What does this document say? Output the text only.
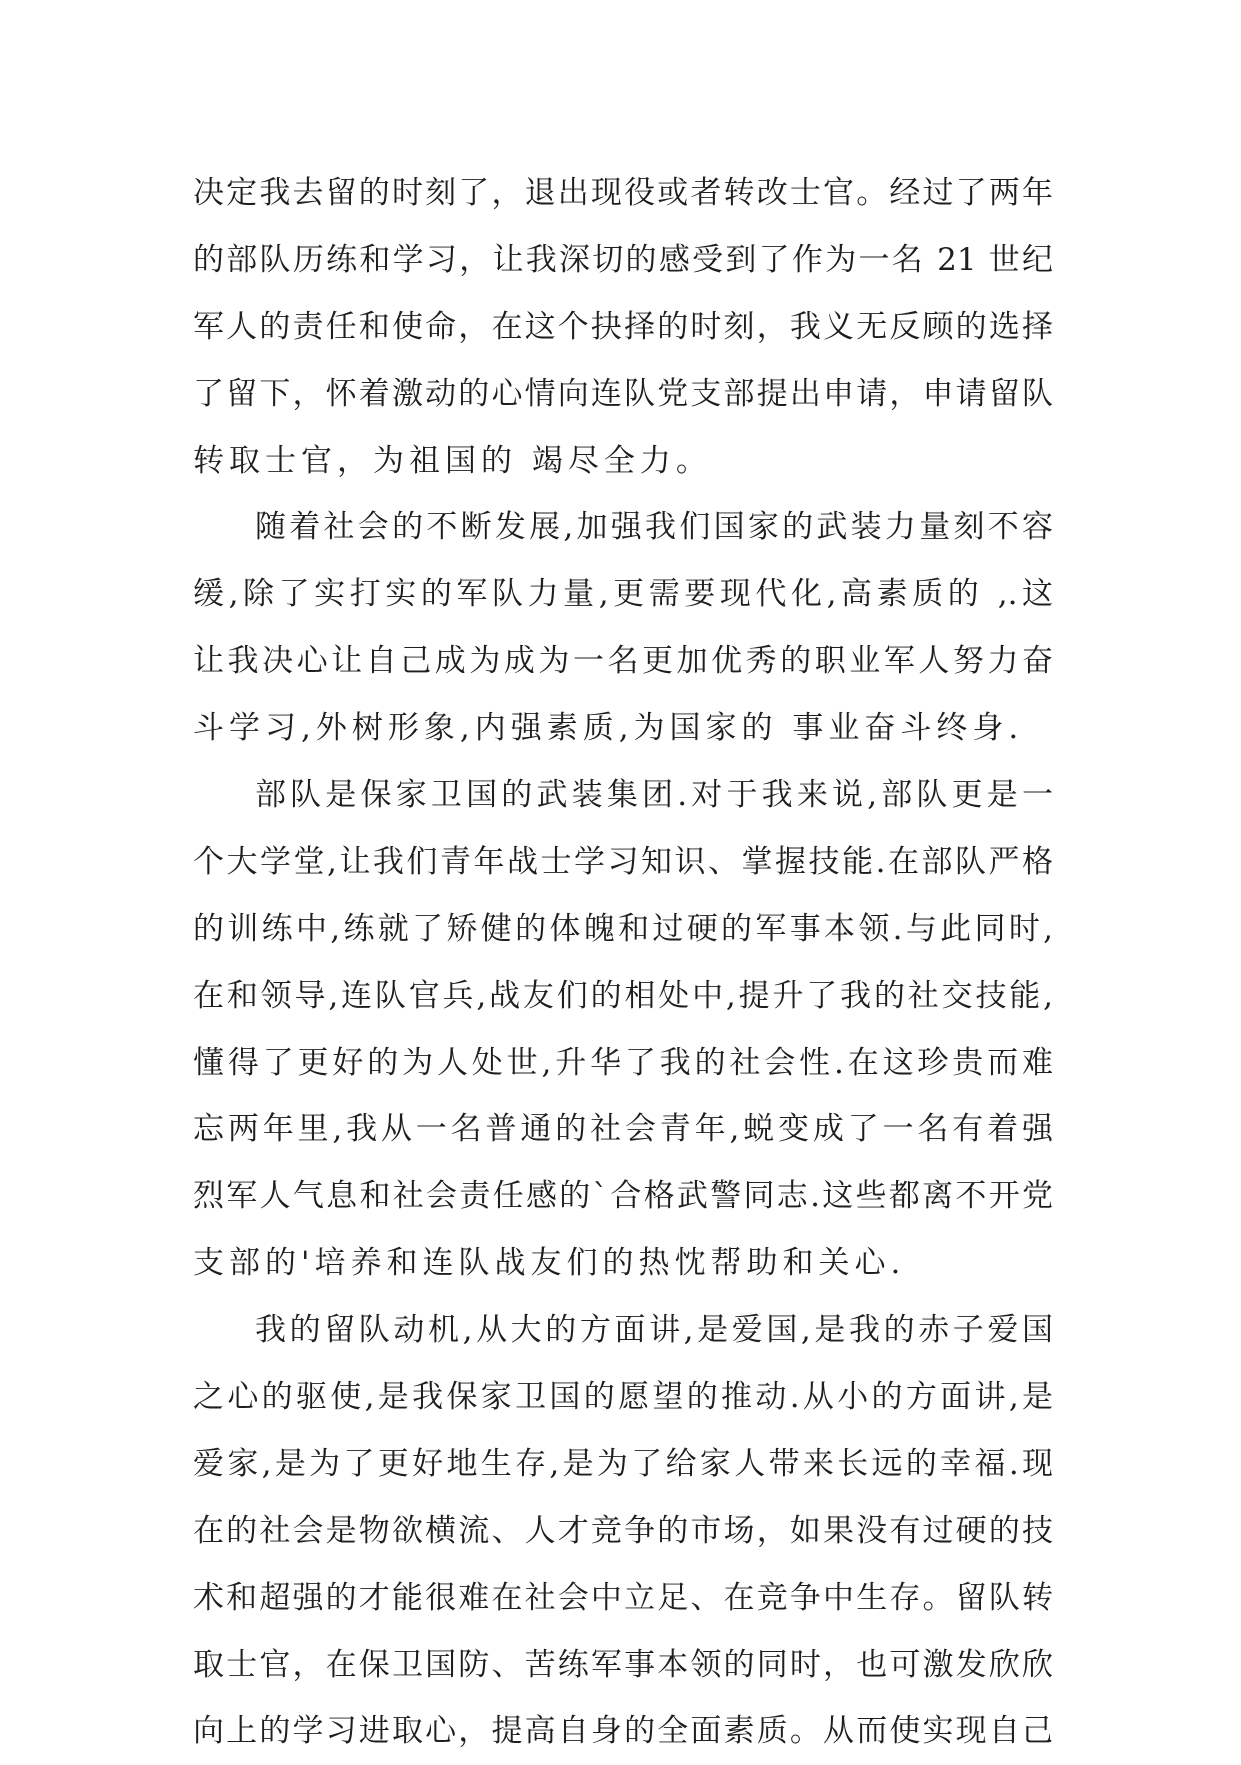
决定我去留的时刻了，退出现役或者转改士官。经过了两年
的部队历练和学习，让我深切的感受到了作为一名 21 世纪
军人的责任和使命，在这个抉择的时刻，我义无反顾的选择
了留下，怀着激动的心情向连队党支部提出申请，申请留队
转取士官，为祖国的 竭尽全力。
随着社会的不断发展,加强我们国家的武装力量刻不容
缓,除了实打实的军队力量,更需要现代化,高素质的 ,.这
让我决心让自己成为成为一名更加优秀的职业军人努力奋
斗学习,外树形象,内强素质,为国家的 事业奋斗终身.
部队是保家卫国的武装集团.对于我来说,部队更是一
个大学堂,让我们青年战士学习知识、掌握技能.在部队严格
的训练中,练就了矫健的体魄和过硬的军事本领.与此同时,
在和领导,连队官兵,战友们的相处中,提升了我的社交技能,
懂得了更好的为人处世,升华了我的社会性.在这珍贵而难
忘两年里,我从一名普通的社会青年,蜕变成了一名有着强
烈军人气息和社会责任感的`合格武警同志.这些都离不开党
支部的'培养和连队战友们的热忱帮助和关心.
我的留队动机,从大的方面讲,是爱国,是我的赤子爱国
之心的驱使,是我保家卫国的愿望的推动.从小的方面讲,是
爱家,是为了更好地生存,是为了给家人带来长远的幸福.现
在的社会是物欲横流、人才竞争的市场，如果没有过硬的技
术和超强的才能很难在社会中立足、在竞争中生存。留队转
取士官，在保卫国防、苦练军事本领的同时，也可激发欣欣
向上的学习进取心，提高自身的全面素质。从而使实现自己
